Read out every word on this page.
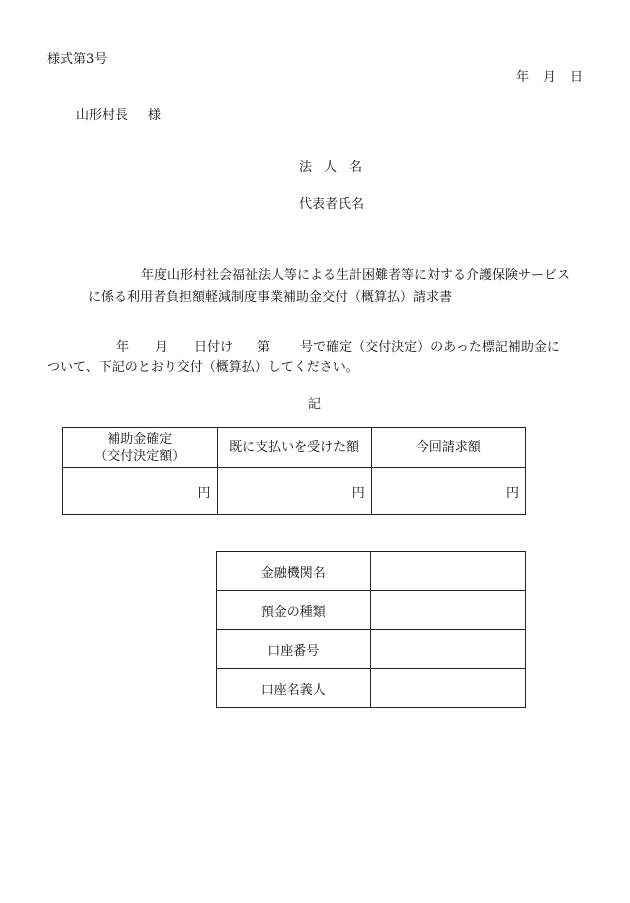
様式第3号
年 月 日
山形村長 様
法 人 名
代表者氏名
年度山形村社会福祉法人等による生計困難者等に対する介護保険サービス
に係る利用者負担額軽減制度事業補助金交付（概算払）請求書
年 月 日付け 第 号で確定（交付決定）のあった標記補助金に
ついて、下記のとおり交付（概算払）してください。
記
補助金確定
（交付決定額）	既に支払いを受けた額	今回請求額
円	円	円
金融機関名	
預金の種類	
口座番号	
口座名義人	
